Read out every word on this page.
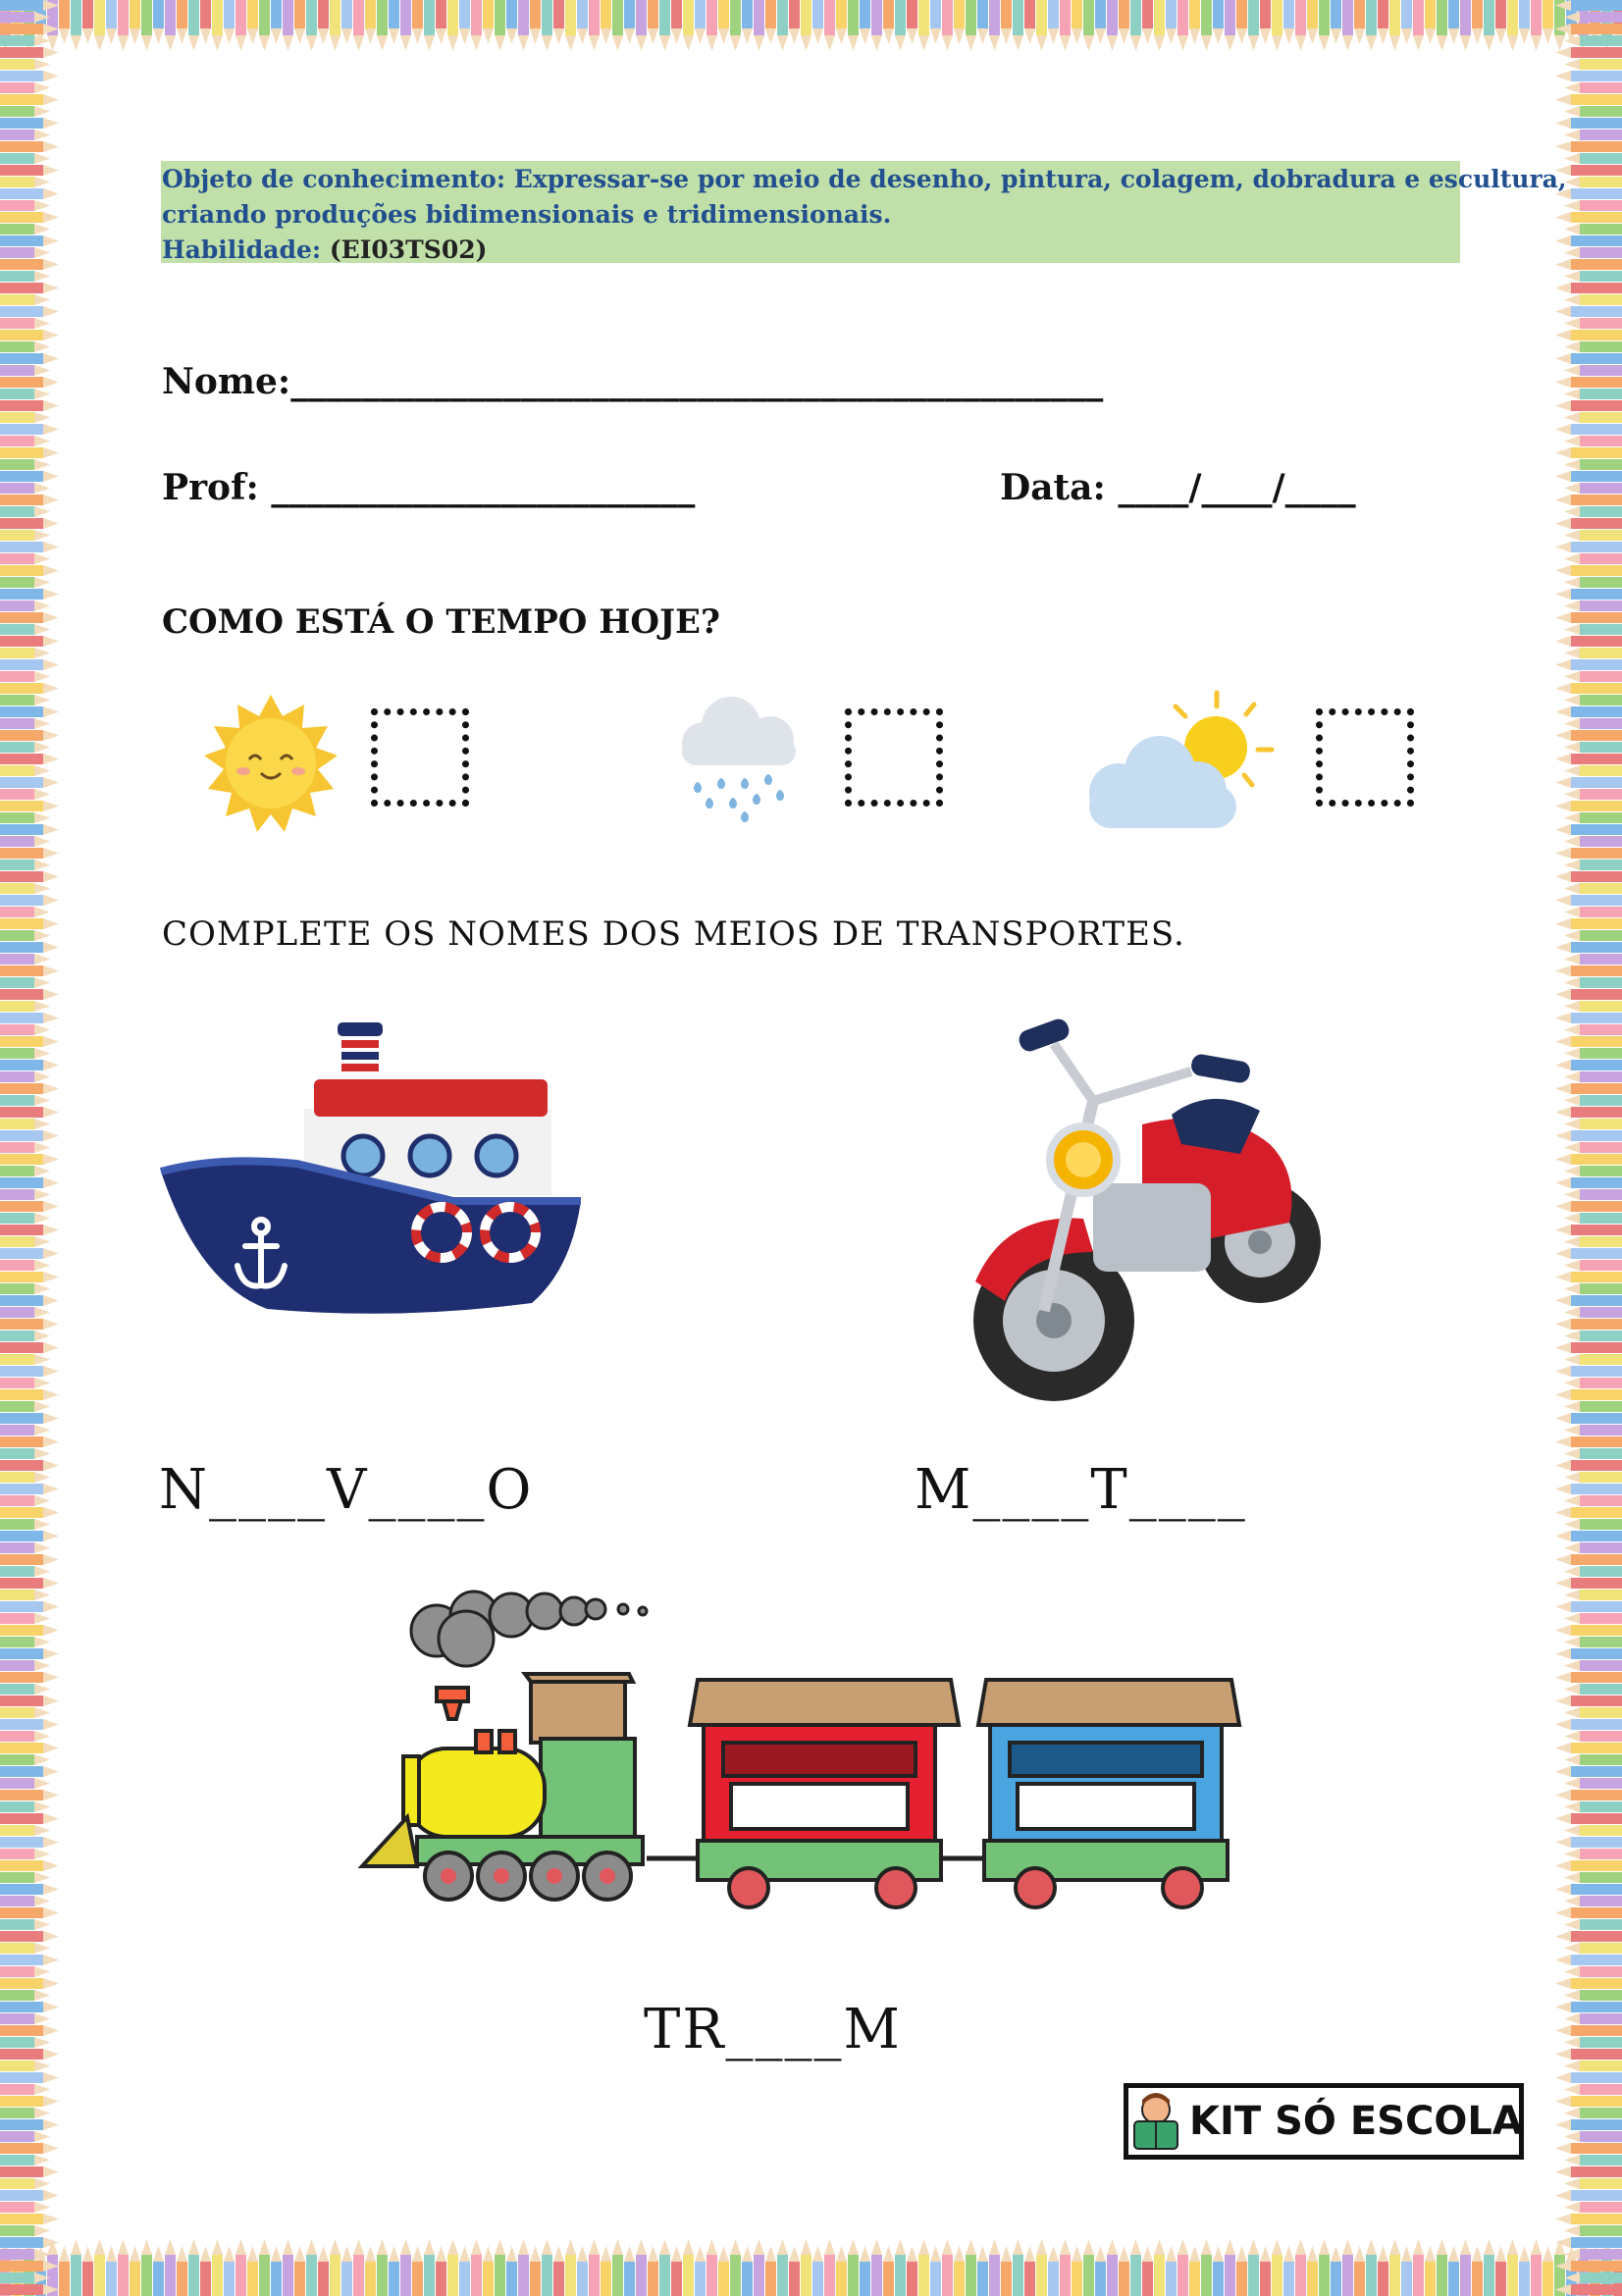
Objeto de conhecimento: Expressar-se por meio de desenho, pintura, colagem, dobradura e escultura,
criando produções bidimensionais e tridimensionais.
Habilidade: (EI03TS02)
Nome:______________________________________________
Prof: ________________________	Data: ____/____/____
COMO ESTÁ O TEMPO HOJE?
COMPLETE OS NOMES DOS MEIOS DE TRANSPORTES.
N____V____O	M____T____
TR____M
KIT SÓ ESCOLA
